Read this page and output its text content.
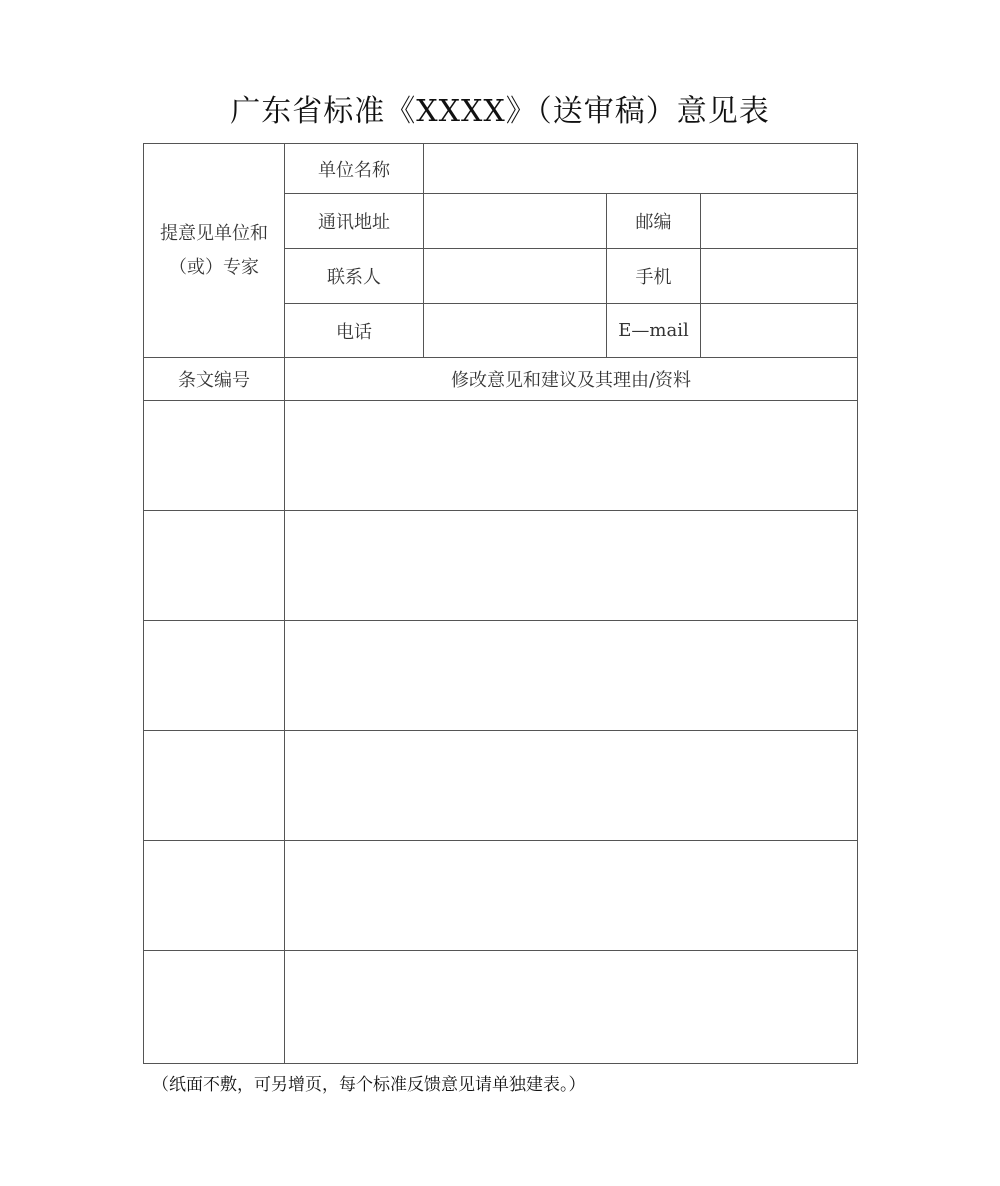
广东省标准《XXXX》（送审稿）意见表
提意见单位和（或）专家	单位名称			
	通讯地址		邮编	
	联系人		手机	
	电话		E—mail	
条文编号	修改意见和建议及其理由/资料			

（纸面不敷，可另增页，每个标准反馈意见请单独建表。）
